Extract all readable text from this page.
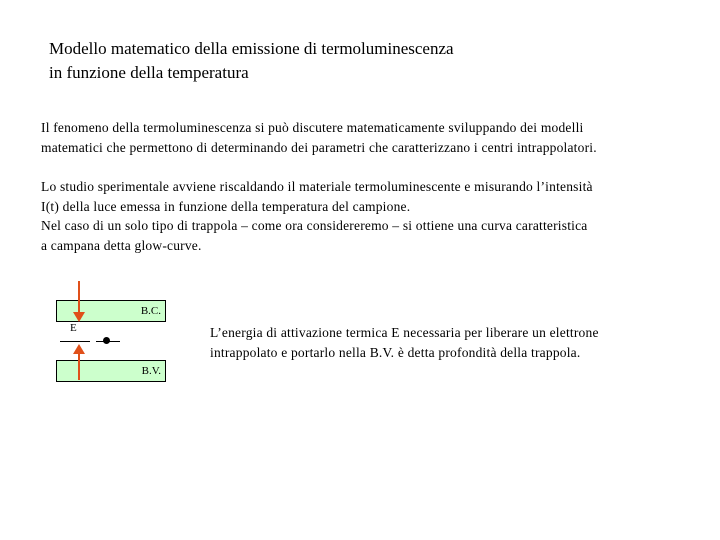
Modello matematico della emissione di termoluminescenza
in funzione della temperatura

Il fenomeno della termoluminescenza si può discutere matematicamente sviluppando dei modelli
matematici che permettono di determinando dei parametri che caratterizzano i centri intrappolatori.

Lo studio sperimentale avviene riscaldando il materiale termoluminescente e misurando l’intensità
I(t) della luce emessa in funzione della temperatura del campione.
Nel caso di un solo tipo di trappola – come ora considereremo – si ottiene una curva caratteristica
a campana detta glow-curve.

B.C.
B.V.
E	L’energia di attivazione termica E necessaria per liberare un elettrone
intrappolato e portarlo nella B.V. è detta profondità della trappola.
